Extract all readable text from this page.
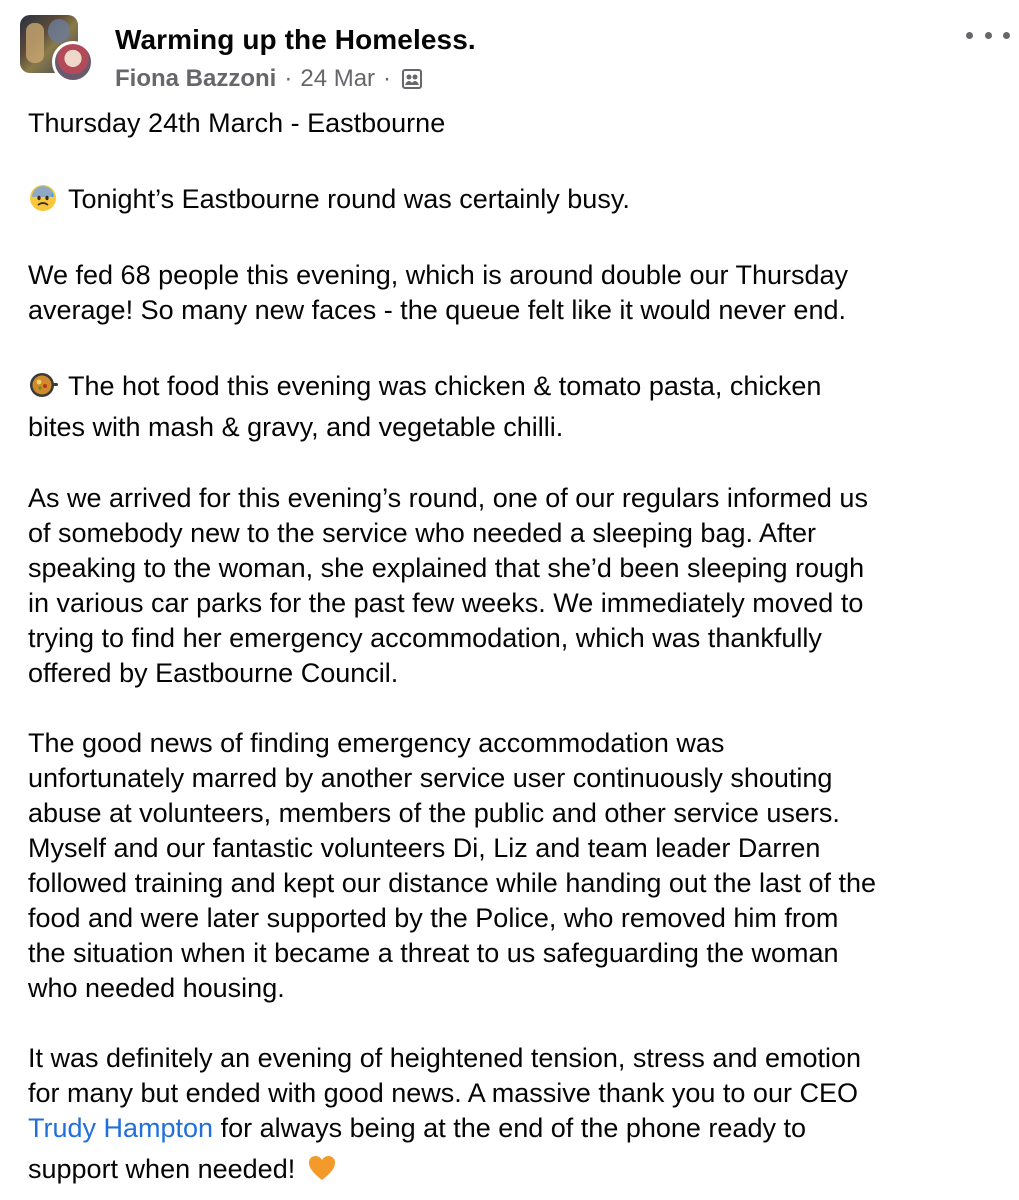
Warming up the Homeless.
Fiona Bazzoni · 24 Mar ·

Thursday 24th March - Eastbourne

Tonight’s Eastbourne round was certainly busy.

We fed 68 people this evening, which is around double our Thursday

average! So many new faces - the queue felt like it would never end.

The hot food this evening was chicken & tomato pasta, chicken

bites with mash & gravy, and vegetable chilli.

As we arrived for this evening’s round, one of our regulars informed us

of somebody new to the service who needed a sleeping bag. After

speaking to the woman, she explained that she’d been sleeping rough

in various car parks for the past few weeks. We immediately moved to

trying to find her emergency accommodation, which was thankfully

offered by Eastbourne Council.

The good news of finding emergency accommodation was

unfortunately marred by another service user continuously shouting

abuse at volunteers, members of the public and other service users.

Myself and our fantastic volunteers Di, Liz and team leader Darren

followed training and kept our distance while handing out the last of the

food and were later supported by the Police, who removed him from

the situation when it became a threat to us safeguarding the woman

who needed housing.

It was definitely an evening of heightened tension, stress and emotion

for many but ended with good news. A massive thank you to our CEO

Trudy Hampton for always being at the end of the phone ready to

support when needed!
